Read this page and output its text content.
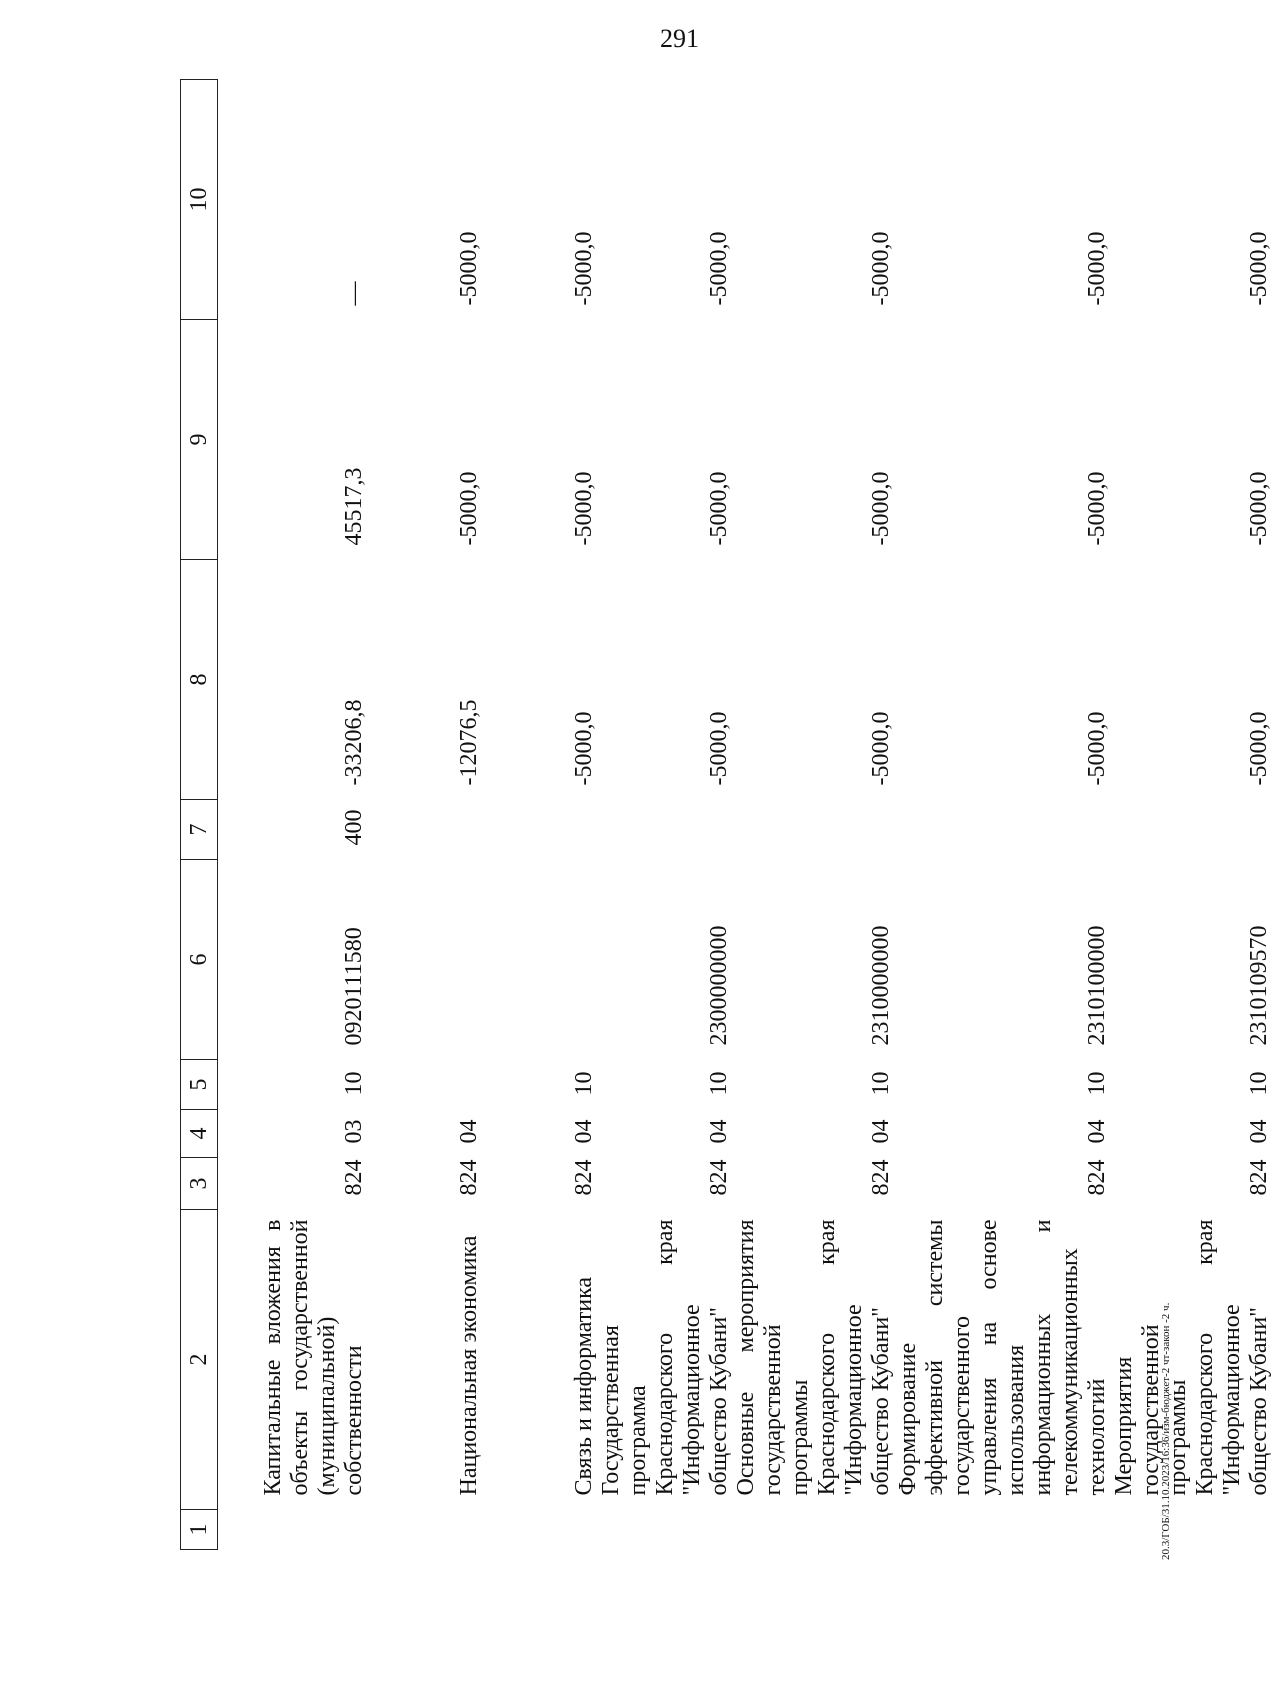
291
1	2	3	4	5	6	7	8	9	10
	Капитальные вложения в объекты государственной (муниципальной) собственности	824	03	10	0920111580	400	-33206,8	45517,3	—
	Национальная экономика	824	04				-12076,5	-5000,0	-5000,0
	Связь и информатика	824	04	10			-5000,0	-5000,0	-5000,0
	Государственная программа Краснодарского края "Информационное общество Кубани"	824	04	10	2300000000		-5000,0	-5000,0	-5000,0
	Основные мероприятия государственной программы Краснодарского края "Информационное общество Кубани"	824	04	10	2310000000		-5000,0	-5000,0	-5000,0
	Формирование эффективной системы государственного управления на основе использования информационных и телекоммуникационных технологий	824	04	10	2310100000		-5000,0	-5000,0	-5000,0
	Мероприятия государственной программы Краснодарского края "Информационное общество Кубани"	824	04	10	2310109570		-5000,0	-5000,0	-5000,0
20.3/ГОБ/31.10.2023/16:36/изм-бюджет-2 чт-закон -2 ч.
